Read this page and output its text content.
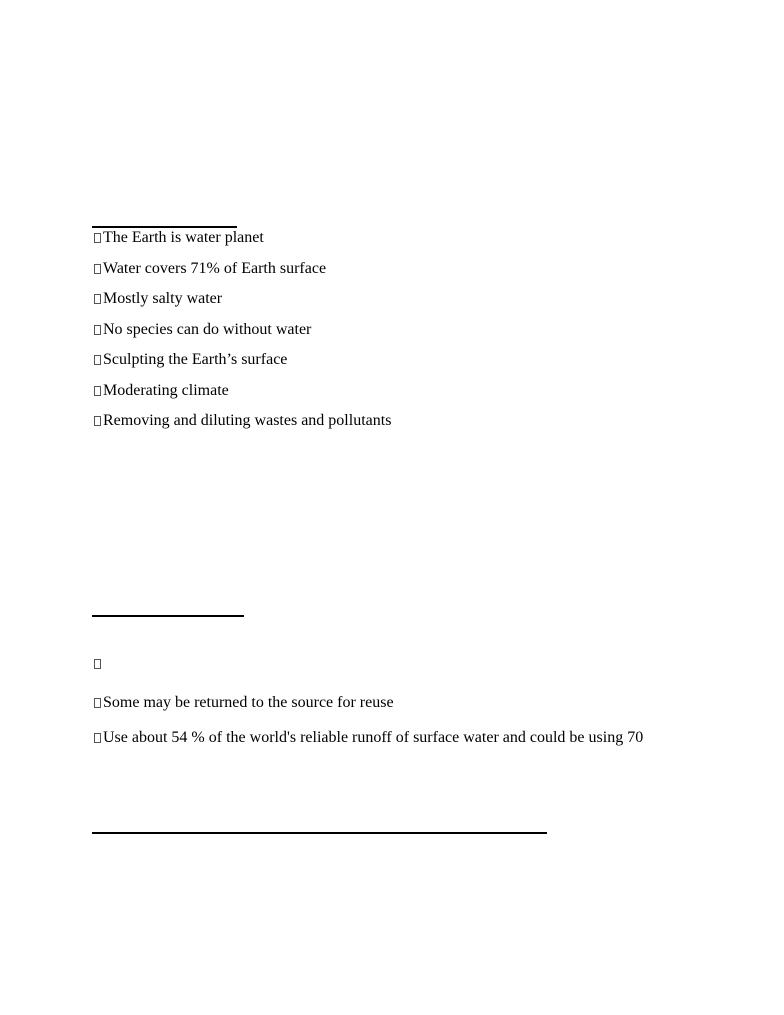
The Earth is water planet
Water covers 71% of Earth surface
Mostly salty water
No species can do without water
Sculpting the Earth’s surface
Moderating climate
Removing and diluting wastes and pollutants
Some may be returned to the source for reuse
Use about 54 % of the world's reliable runoff of surface water and could be using 70
